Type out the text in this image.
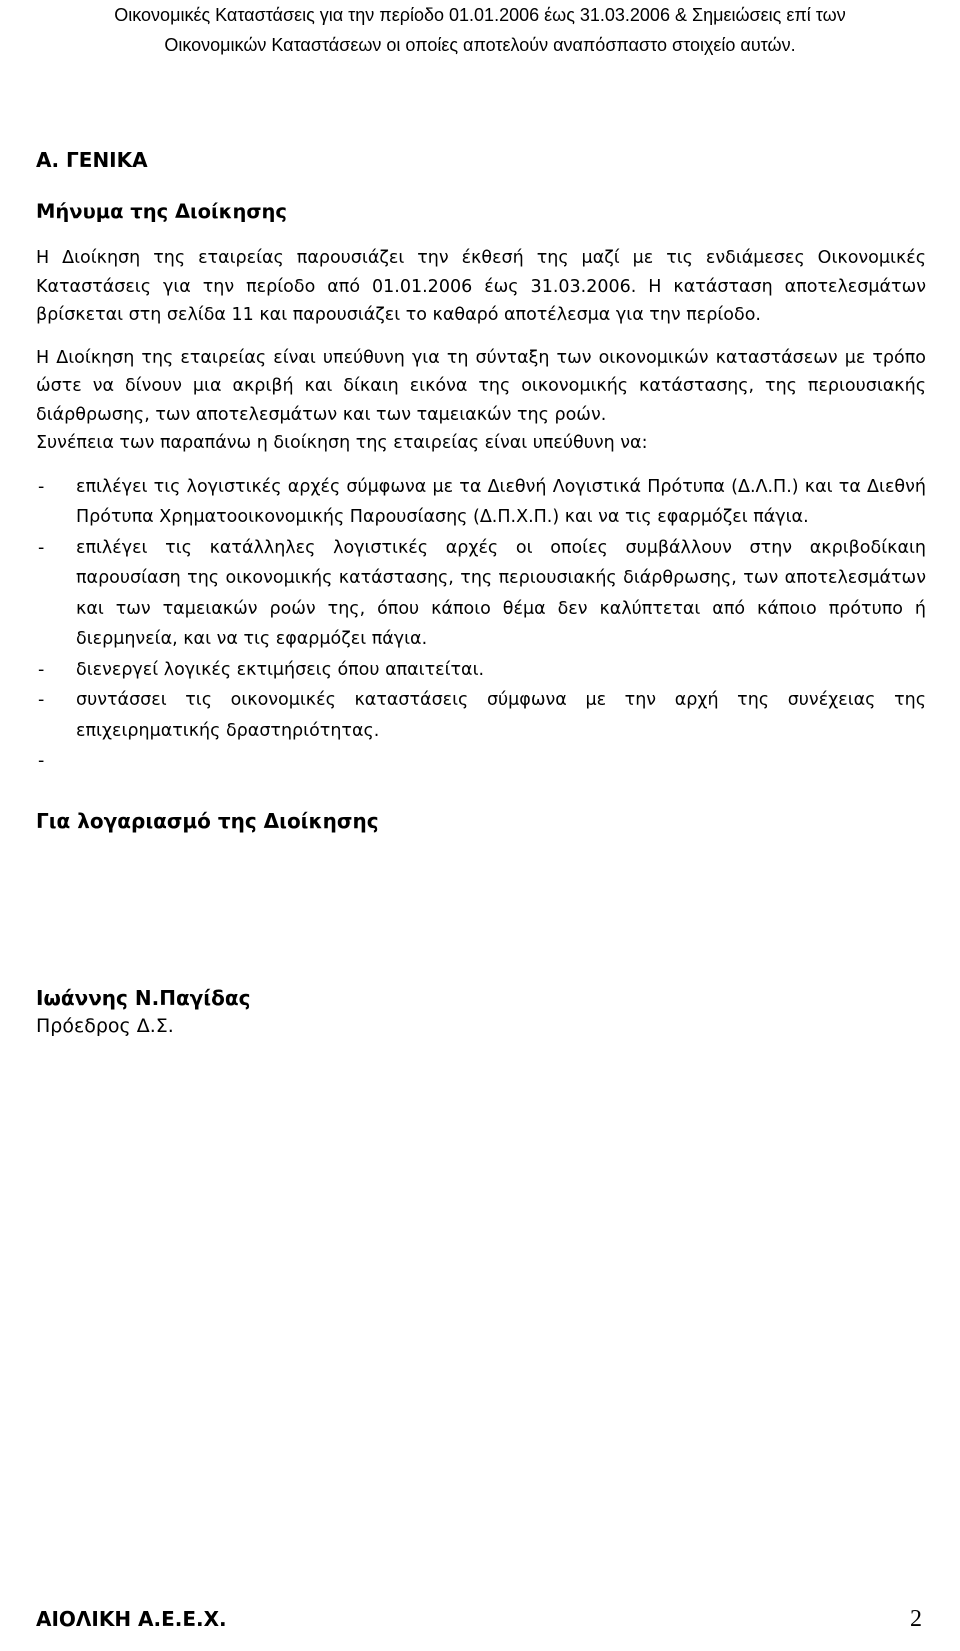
Οικονομικές Καταστάσεις για την περίοδο 01.01.2006 έως 31.03.2006 & Σημειώσεις επί των
Οικονομικών Καταστάσεων οι οποίες αποτελούν αναπόσπαστο στοιχείο αυτών.

Α. ΓΕΝΙΚΑ

Μήνυμα της Διοίκησης

Η Διοίκηση της εταιρείας παρουσιάζει την έκθεσή της μαζί με τις ενδιάμεσες Οικονομικές Καταστάσεις για την περίοδο από 01.01.2006 έως 31.03.2006. Η κατάσταση αποτελεσμάτων βρίσκεται στη σελίδα 11 και παρουσιάζει το καθαρό αποτέλεσμα για την περίοδο.

Η Διοίκηση της εταιρείας είναι υπεύθυνη για τη σύνταξη των οικονομικών καταστάσεων με τρόπο ώστε να δίνουν μια ακριβή και δίκαιη εικόνα της οικονομικής κατάστασης, της περιουσιακής διάρθρωσης, των αποτελεσμάτων και των ταμειακών της ροών.

Συνέπεια των παραπάνω η διοίκηση της εταιρείας είναι υπεύθυνη να:

- επιλέγει τις λογιστικές αρχές σύμφωνα με τα Διεθνή Λογιστικά Πρότυπα (Δ.Λ.Π.) και τα Διεθνή Πρότυπα Χρηματοοικονομικής Παρουσίασης (Δ.Π.Χ.Π.) και να τις εφαρμόζει πάγια.
- επιλέγει τις κατάλληλες λογιστικές αρχές οι οποίες συμβάλλουν στην ακριβοδίκαιη παρουσίαση της οικονομικής κατάστασης, της περιουσιακής διάρθρωσης, των αποτελεσμάτων και των ταμειακών ροών της, όπου κάποιο θέμα δεν καλύπτεται από κάποιο πρότυπο ή διερμηνεία, και να τις εφαρμόζει πάγια.
- διενεργεί λογικές εκτιμήσεις όπου απαιτείται.
- συντάσσει τις οικονομικές καταστάσεις σύμφωνα με την αρχή της συνέχειας της επιχειρηματικής δραστηριότητας.
-

Για λογαριασμό της Διοίκησης

Ιωάννης Ν.Παγίδας

Πρόεδρος Δ.Σ.

ΑΙΟΛΙΚΗ Α.Ε.Ε.Χ.	2
